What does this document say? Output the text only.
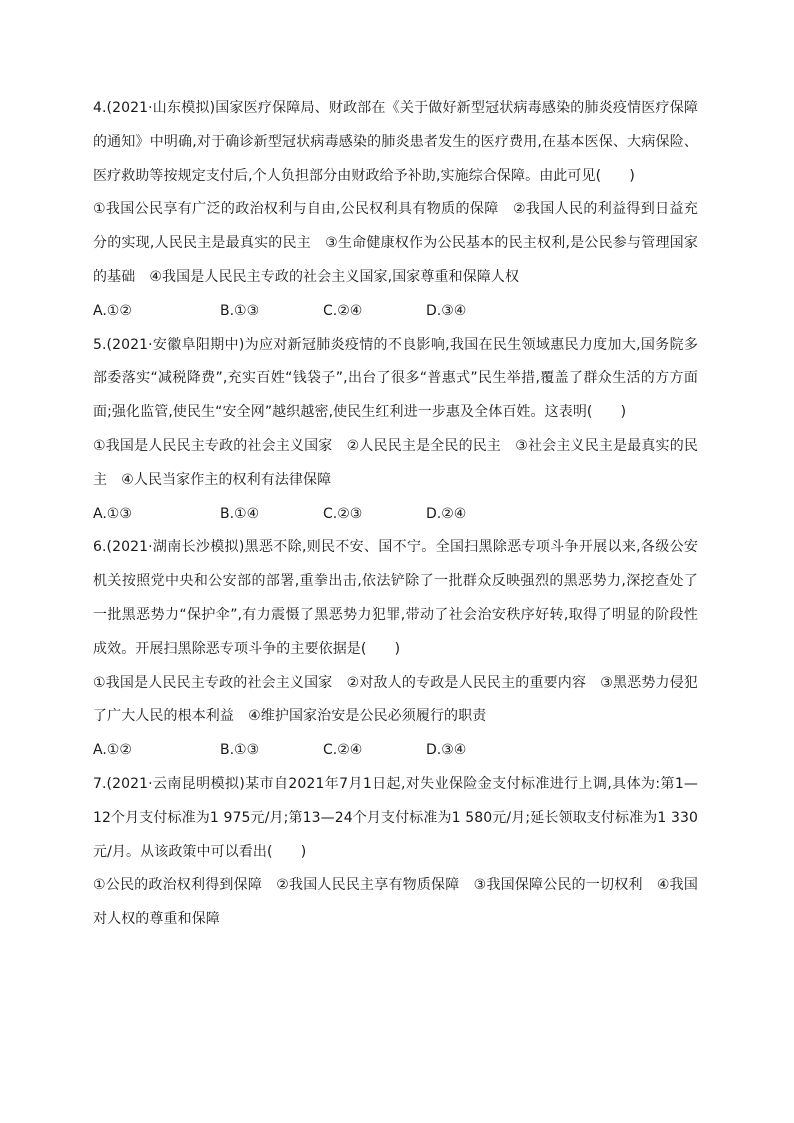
4.(2021·山东模拟)国家医疗保障局、财政部在《关于做好新型冠状病毒感染的肺炎疫情医疗保障的通知》中明确,对于确诊新型冠状病毒感染的肺炎患者发生的医疗费用,在基本医保、大病保险、医疗救助等按规定支付后,个人负担部分由财政给予补助,实施综合保障。由此可见(　　)

①我国公民享有广泛的政治权利与自由,公民权利具有物质的保障　②我国人民的利益得到日益充分的实现,人民民主是最真实的民主　③生命健康权作为公民基本的民主权利,是公民参与管理国家的基础　④我国是人民民主专政的社会主义国家,国家尊重和保障人权

A.①②	B.①③	C.②④	D.③④

5.(2021·安徽阜阳期中)为应对新冠肺炎疫情的不良影响,我国在民生领域惠民力度加大,国务院多部委落实“减税降费”,充实百姓“钱袋子”,出台了很多“普惠式”民生举措,覆盖了群众生活的方方面面;强化监管,使民生“安全网”越织越密,使民生红利进一步惠及全体百姓。这表明(　　)

①我国是人民民主专政的社会主义国家　②人民民主是全民的民主　③社会主义民主是最真实的民主　④人民当家作主的权利有法律保障

A.①③	B.①④	C.②③	D.②④

6.(2021·湖南长沙模拟)黑恶不除,则民不安、国不宁。全国扫黑除恶专项斗争开展以来,各级公安机关按照党中央和公安部的部署,重拳出击,依法铲除了一批群众反映强烈的黑恶势力,深挖查处了一批黑恶势力“保护伞”,有力震慑了黑恶势力犯罪,带动了社会治安秩序好转,取得了明显的阶段性成效。开展扫黑除恶专项斗争的主要依据是(　　)

①我国是人民民主专政的社会主义国家　②对敌人的专政是人民民主的重要内容　③黑恶势力侵犯了广大人民的根本利益　④维护国家治安是公民必须履行的职责

A.①②	B.①③	C.②④	D.③④

7.(2021·云南昆明模拟)某市自2021年7月1日起,对失业保险金支付标准进行上调,具体为:第1—12个月支付标准为1 975元/月;第13—24个月支付标准为1 580元/月;延长领取支付标准为1 330元/月。从该政策中可以看出(　　)

①公民的政治权利得到保障　②我国人民民主享有物质保障　③我国保障公民的一切权利　④我国对人权的尊重和保障
